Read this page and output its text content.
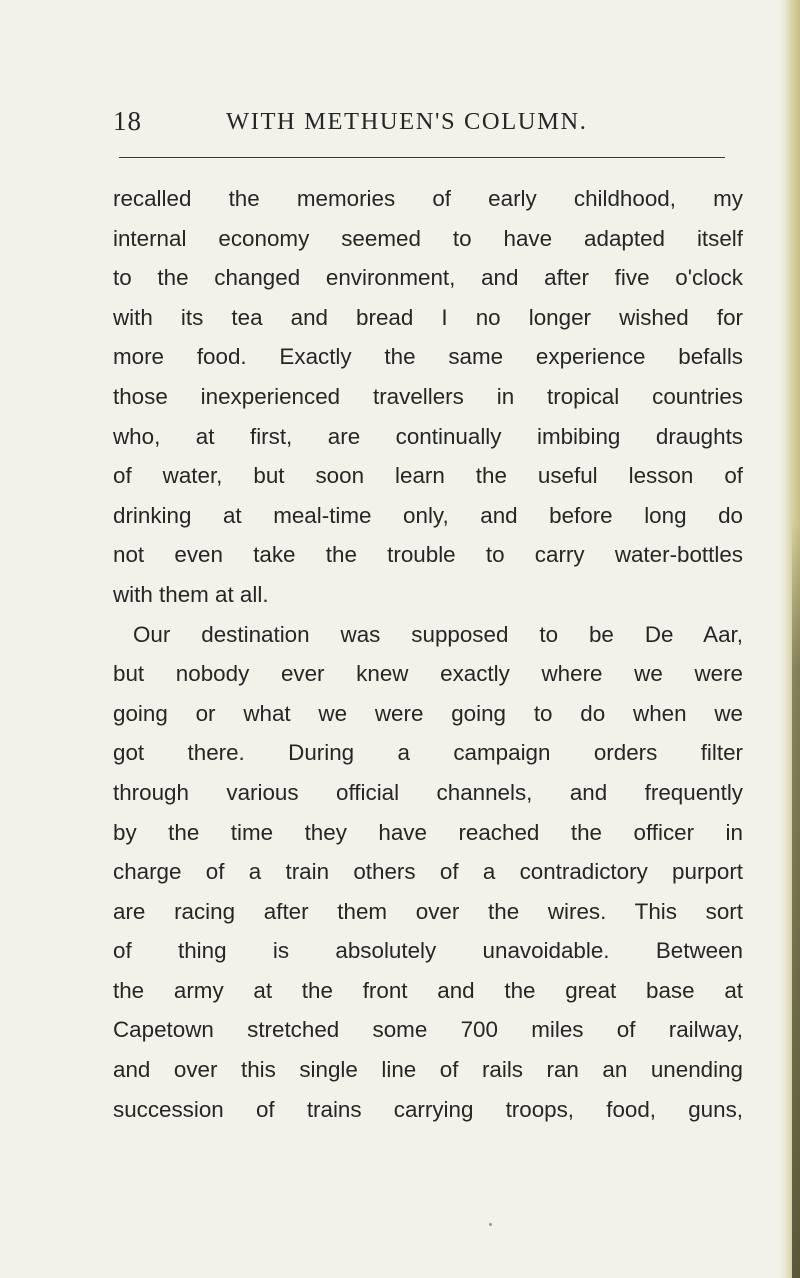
18	WITH METHUEN'S COLUMN.
recalled the memories of early childhood, my
internal economy seemed to have adapted itself
to the changed environment, and after five o'clock
with its tea and bread I no longer wished for
more food. Exactly the same experience befalls
those inexperienced travellers in tropical countries
who, at first, are continually imbibing draughts
of water, but soon learn the useful lesson of
drinking at meal-time only, and before long do
not even take the trouble to carry water-bottles
with them at all.
Our destination was supposed to be De Aar,
but nobody ever knew exactly where we were
going or what we were going to do when we
got there. During a campaign orders filter
through various official channels, and frequently
by the time they have reached the officer in
charge of a train others of a contradictory purport
are racing after them over the wires. This sort
of thing is absolutely unavoidable. Between
the army at the front and the great base at
Capetown stretched some 700 miles of railway,
and over this single line of rails ran an unending
succession of trains carrying troops, food, guns,
